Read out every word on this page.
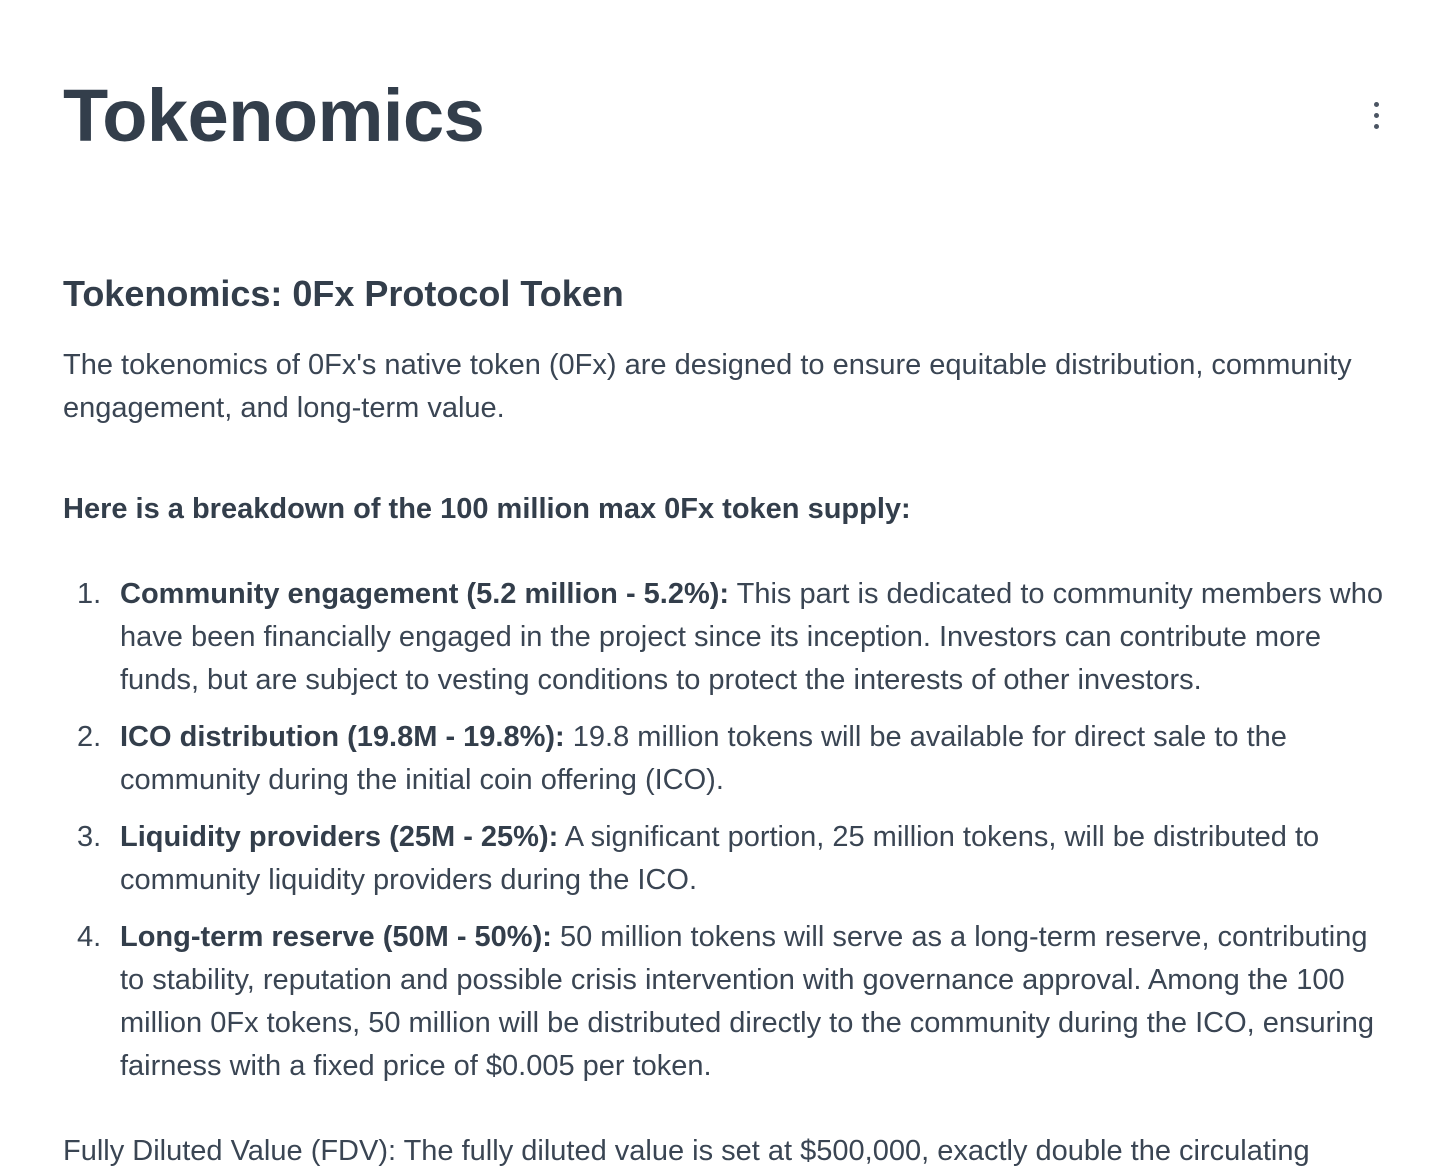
Tokenomics
Tokenomics: 0Fx Protocol Token

The tokenomics of 0Fx's native token (0Fx) are designed to ensure equitable distribution, community engagement, and long-term value.

Here is a breakdown of the 100 million max 0Fx token supply:

1. Community engagement (5.2 million - 5.2%): This part is dedicated to community members who have been financially engaged in the project since its inception. Investors can contribute more funds, but are subject to vesting conditions to protect the interests of other investors.
2. ICO distribution (19.8M - 19.8%): 19.8 million tokens will be available for direct sale to the community during the initial coin offering (ICO).
3. Liquidity providers (25M - 25%): A significant portion, 25 million tokens, will be distributed to community liquidity providers during the ICO.
4. Long-term reserve (50M - 50%): 50 million tokens will serve as a long-term reserve, contributing to stability, reputation and possible crisis intervention with governance approval. Among the 100 million 0Fx tokens, 50 million will be distributed directly to the community during the ICO, ensuring fairness with a fixed price of $0.005 per token.

Fully Diluted Value (FDV): The fully diluted value is set at $500,000, exactly double the circulating
